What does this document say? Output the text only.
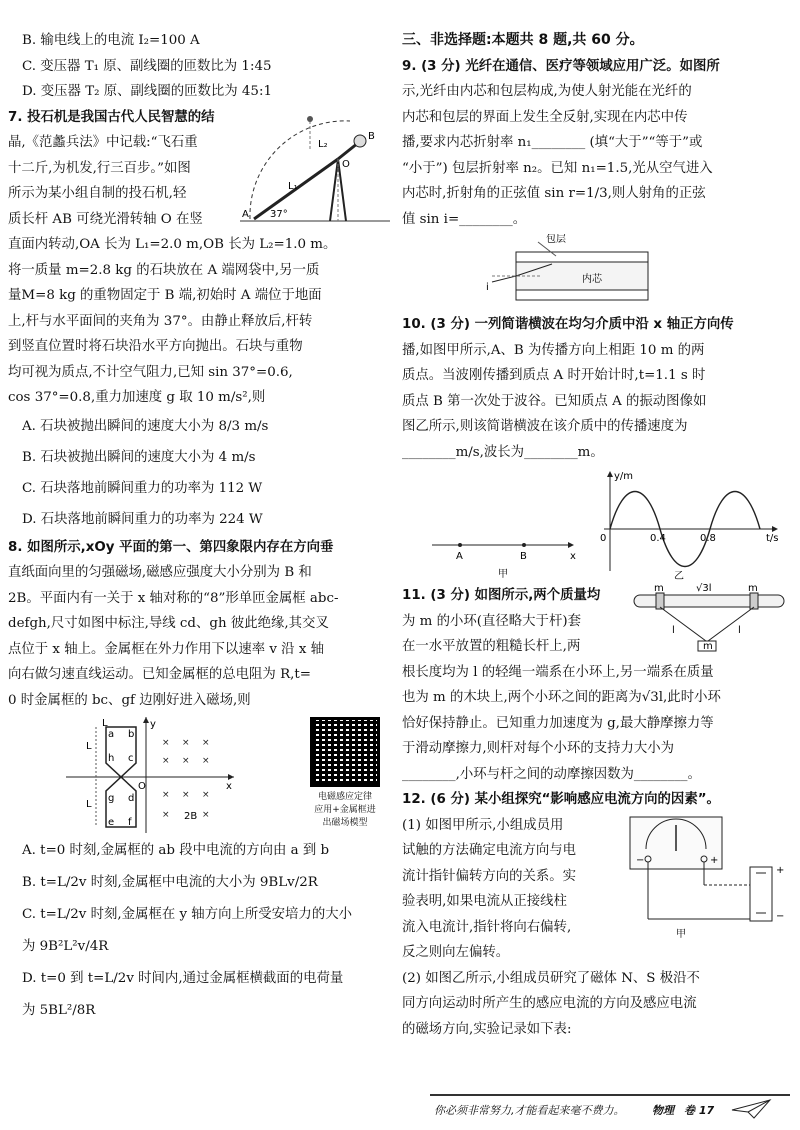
B. 输电线上的电流 I₂=100 A

C. 变压器 T₁ 原、副线圈的匝数比为 1:45

D. 变压器 T₂ 原、副线圈的匝数比为 45:1

A
B
O
L₁
L₂
37°

7. 投石机是我国古代人民智慧的结

晶,《范蠡兵法》中记载:“飞石重

十二斤,为机发,行三百步。”如图

所示为某小组自制的投石机,轻

质长杆 AB 可绕光滑转轴 O 在竖

直面内转动,OA 长为 L₁=2.0 m,OB 长为 L₂=1.0 m。

将一质量 m=2.8 kg 的石块放在 A 端网袋中,另一质

量M=8 kg 的重物固定于 B 端,初始时 A 端位于地面

上,杆与水平面间的夹角为 37°。由静止释放后,杆转

到竖直位置时将石块沿水平方向抛出。石块与重物

均可视为质点,不计空气阻力,已知 sin 37°=0.6,

cos 37°=0.8,重力加速度 g 取 10 m/s²,则

A. 石块被抛出瞬间的速度大小为 8/3 m/s

B. 石块被抛出瞬间的速度大小为 4 m/s

C. 石块落地前瞬间重力的功率为 112 W

D. 石块落地前瞬间重力的功率为 224 W

8. 如图所示,xOy 平面的第一、第四象限内存在方向垂

直纸面向里的匀强磁场,磁感应强度大小分别为 B 和

2B。平面内有一关于 x 轴对称的“8”形单匝金属框 abc-

defgh,尺寸如图中标注,导线 cd、gh 彼此绝缘,其交叉

点位于 x 轴上。金属框在外力作用下以速率 v 沿 x 轴

向右做匀速直线运动。已知金属框的总电阻为 R,t=

0 时金属框的 bc、gf 边刚好进入磁场,则

× × ×
× × ×
× × ×
×	×
L
L
L
y
x
O
2B
a b
c
d
e f
g
h
电磁感应定律应用+金属框进出磁场模型

A. t=0 时刻,金属框的 ab 段中电流的方向由 a 到 b

B. t=L/2v 时刻,金属框中电流的大小为 9BLv/2R

C. t=L/2v 时刻,金属框在 y 轴方向上所受安培力的大小

为 9B²L²v/4R

D. t=0 到 t=L/2v 时间内,通过金属框横截面的电荷量

为 5BL²/8R

三、非选择题:本题共 8 题,共 60 分。

9. (3 分) 光纤在通信、医疗等领域应用广泛。如图所

示,光纤由内芯和包层构成,为使人射光能在光纤的

内芯和包层的界面上发生全反射,实现在内芯中传

播,要求内芯折射率 n₁________ (填“大于”“等于”或

“小于”) 包层折射率 n₂。已知 n₁=1.5,光从空气进入

内芯时,折射角的正弦值 sin r=1/3,则人射角的正弦

值 sin i=________。

包层
内芯
i

10. (3 分) 一列简谐横波在均匀介质中沿 x 轴正方向传

播,如图甲所示,A、B 为传播方向上相距 10 m 的两

质点。当波刚传播到质点 A 时开始计时,t=1.1 s 时

质点 B 第一次处于波谷。已知质点 A 的振动图像如

图乙所示,则该简谐横波在该介质中的传播速度为

________m/s,波长为________m。

A	B	x
甲
y/m
0	0.4	0.8	t/s
乙
m	√3l	m
l	l
m

11. (3 分) 如图所示,两个质量均

为 m 的小环(直径略大于杆)套

在一水平放置的粗糙长杆上,两

根长度均为 l 的轻绳一端系在小环上,另一端系在质量

也为 m 的木块上,两个小环之间的距离为√3l,此时小环

恰好保持静止。已知重力加速度为 g,最大静摩擦力等

于滑动摩擦力,则杆对每个小环的支持力大小为

________,小环与杆之间的动摩擦因数为________。

12. (6 分) 某小组探究“影响感应电流方向的因素”。

−	+
+
−
甲

(1) 如图甲所示,小组成员用

试触的方法确定电流方向与电

流计指针偏转方向的关系。实

验表明,如果电流从正接线柱

流入电流计,指针将向右偏转,

反之则向左偏转。

(2) 如图乙所示,小组成员研究了磁体 N、S 极沿不

同方向运动时所产生的感应电流的方向及感应电流

的磁场方向,实验记录如下表:

你必须非常努力,才能看起来毫不费力。	物理 卷 17
